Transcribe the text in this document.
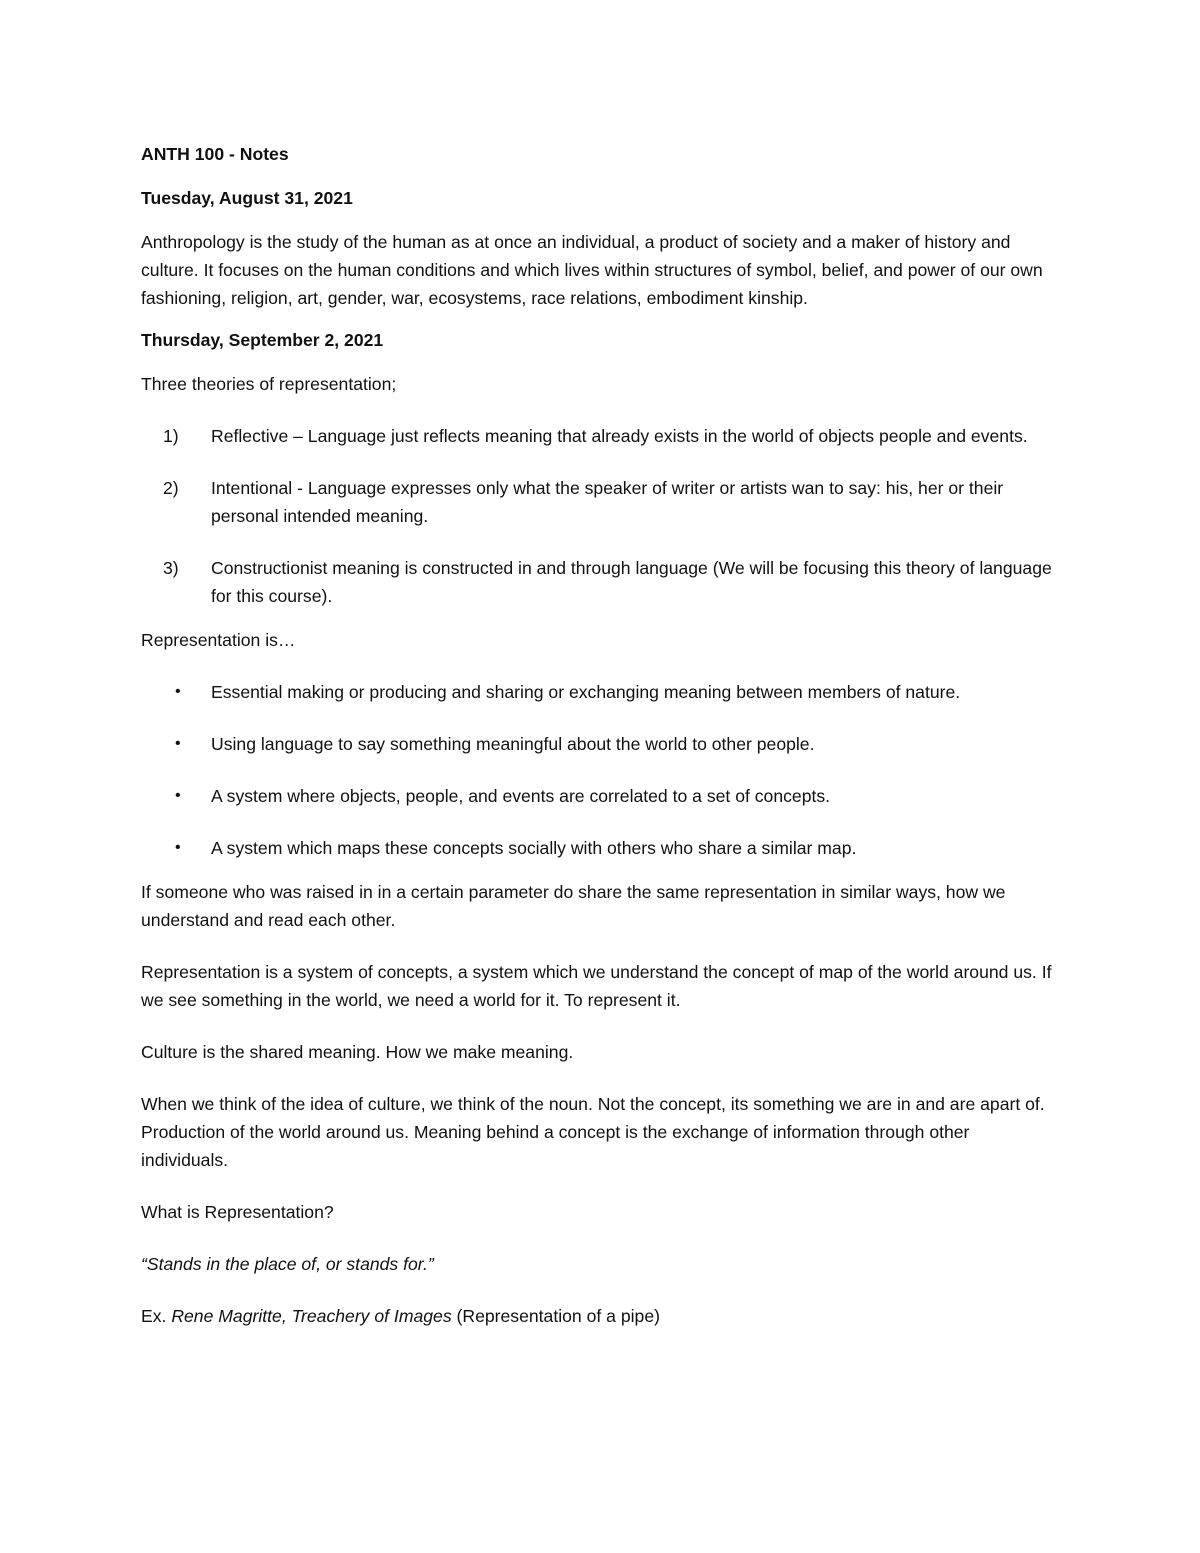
ANTH 100 - Notes

Tuesday, August 31, 2021

Anthropology is the study of the human as at once an individual, a product of society and a maker of history and culture. It focuses on the human conditions and which lives within structures of symbol, belief, and power of our own fashioning, religion, art, gender, war, ecosystems, race relations, embodiment kinship.

Thursday, September 2, 2021

Three theories of representation;

1) Reflective – Language just reflects meaning that already exists in the world of objects people and events.
2) Intentional - Language expresses only what the speaker of writer or artists wan to say: his, her or their personal intended meaning.
3) Constructionist meaning is constructed in and through language (We will be focusing this theory of language for this course).

Representation is…

• Essential making or producing and sharing or exchanging meaning between members of nature.
• Using language to say something meaningful about the world to other people.
• A system where objects, people, and events are correlated to a set of concepts.
• A system which maps these concepts socially with others who share a similar map.

If someone who was raised in in a certain parameter do share the same representation in similar ways, how we understand and read each other.

Representation is a system of concepts, a system which we understand the concept of map of the world around us. If we see something in the world, we need a world for it. To represent it.

Culture is the shared meaning. How we make meaning.

When we think of the idea of culture, we think of the noun. Not the concept, its something we are in and are apart of. Production of the world around us. Meaning behind a concept is the exchange of information through other individuals.

What is Representation?

“Stands in the place of, or stands for.”

Ex. Rene Magritte, Treachery of Images (Representation of a pipe)
